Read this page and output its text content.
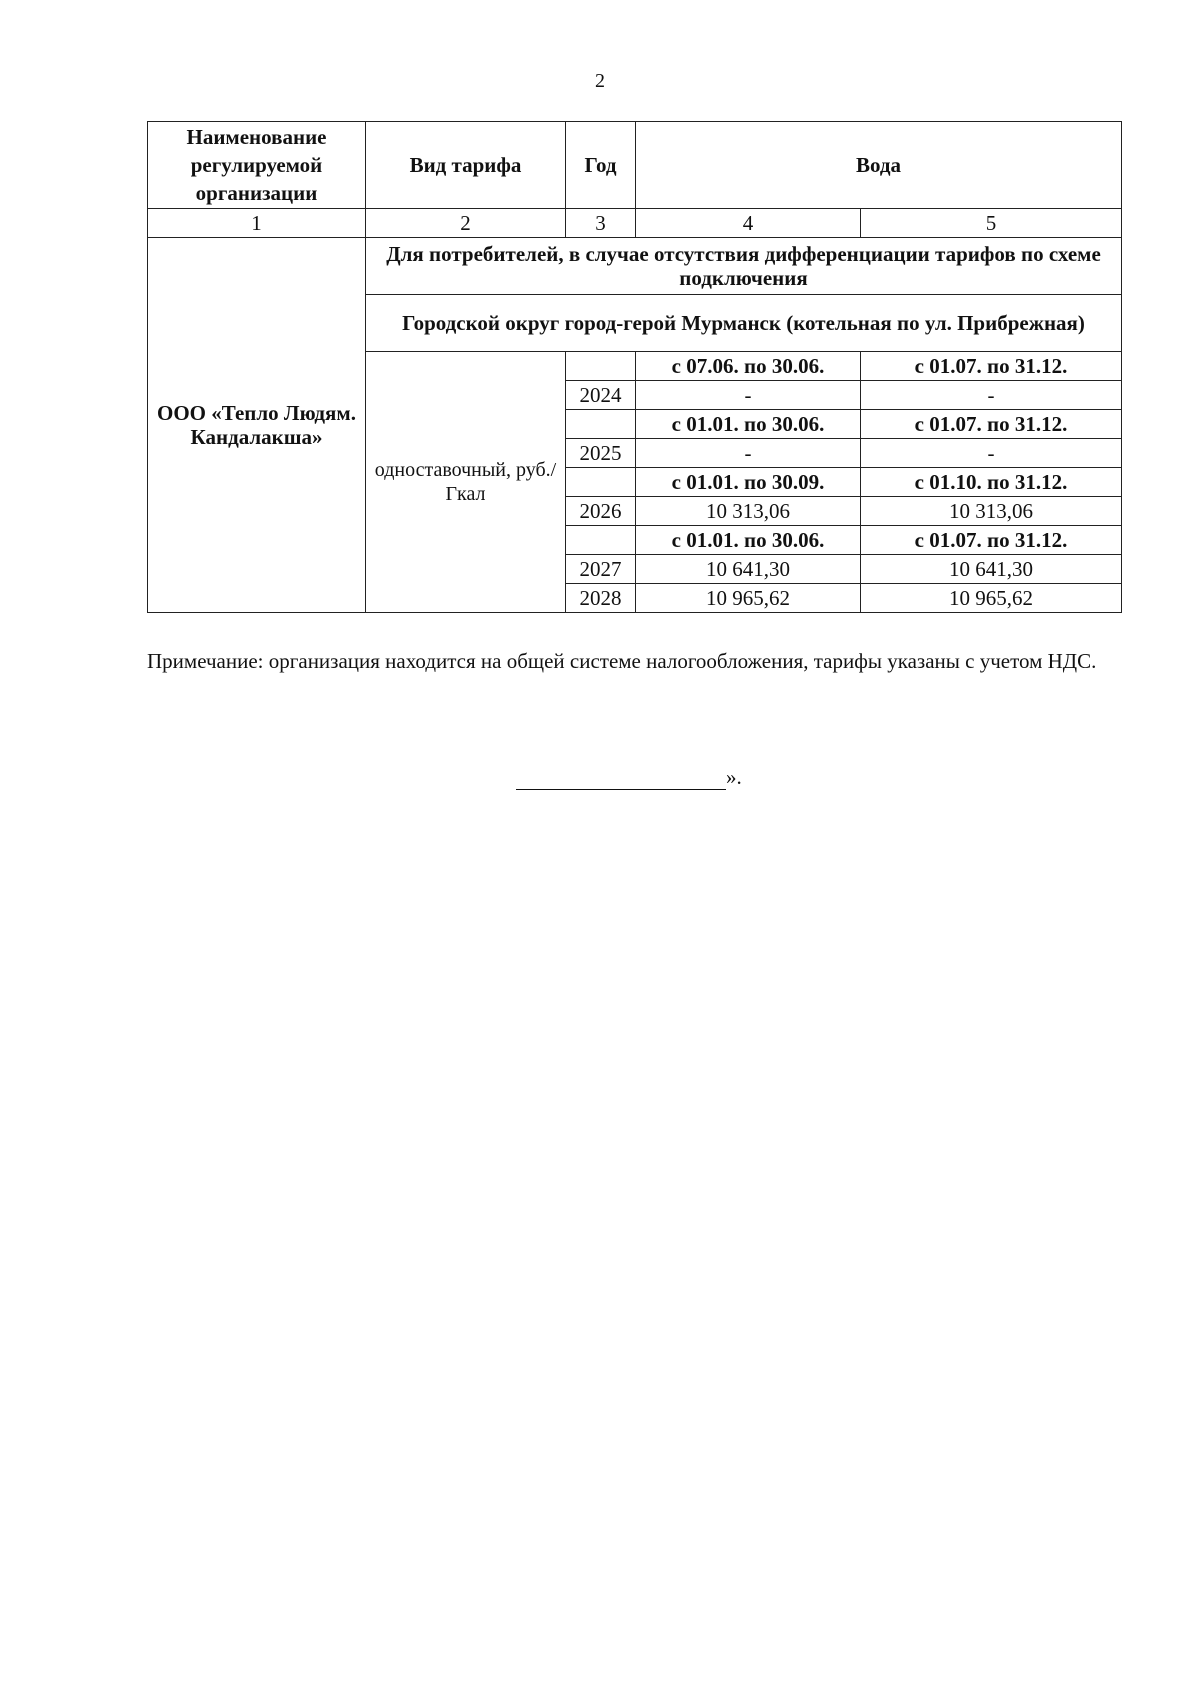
2
Наименование регулируемой организации	Вид тарифа	Год	Вода	
1	2	3	4	5
ООО «Тепло Людям. Кандалакша»	Для потребителей, в случае отсутствия дифференциации тарифов по схеме подключения			
	Городской округ город-герой Мурманск (котельная по ул. Прибрежная)			
	одноставочный, руб./Гкал		с 07.06. по 30.06.	с 01.07. по 31.12.
		2024	-	-
			с 01.01. по 30.06.	с 01.07. по 31.12.
		2025	-	-
			с 01.01. по 30.09.	с 01.10. по 31.12.
		2026	10 313,06	10 313,06
			с 01.01. по 30.06.	с 01.07. по 31.12.
		2027	10 641,30	10 641,30
		2028	10 965,62	10 965,62
Примечание: организация находится на общей системе налогообложения, тарифы указаны с учетом НДС.
».
